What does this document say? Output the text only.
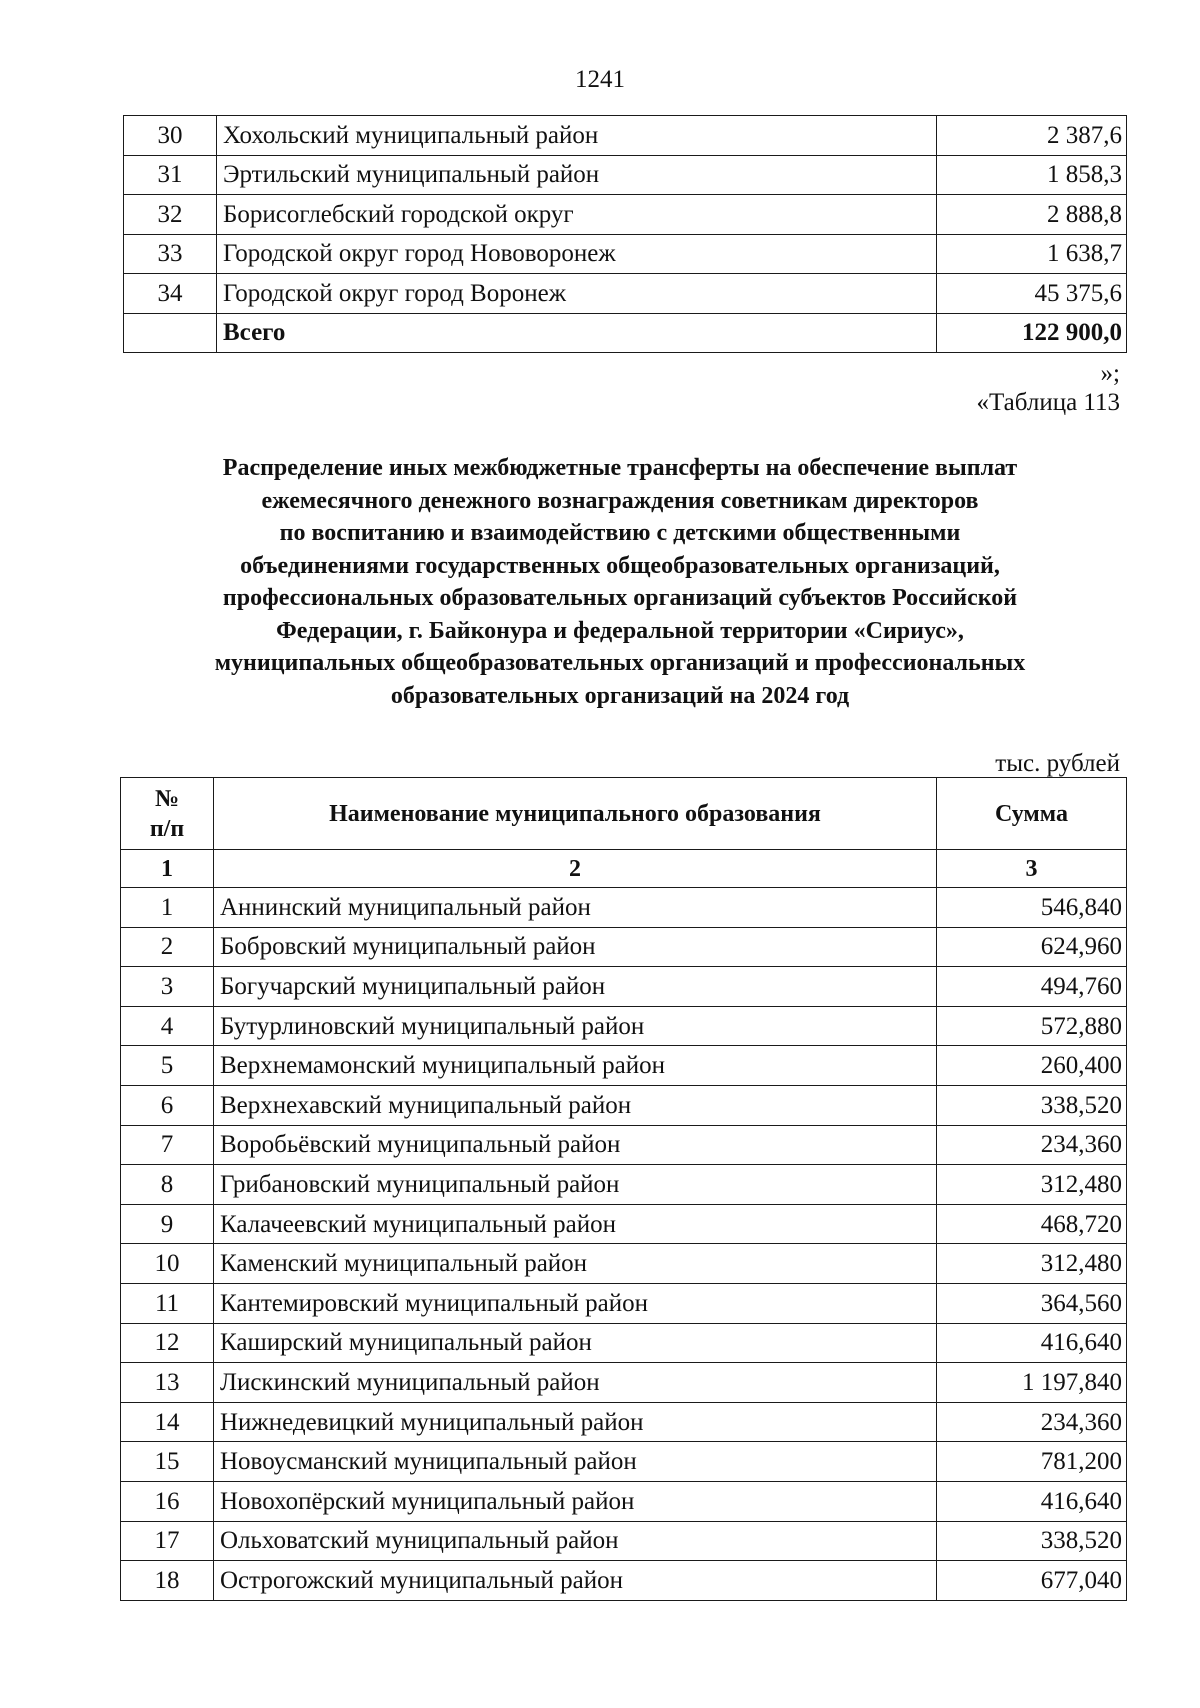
1241
30	Хохольский муниципальный район	2 387,6
31	Эртильский муниципальный район	1 858,3
32	Борисоглебский городской округ	2 888,8
33	Городской округ город Нововоронеж	1 638,7
34	Городской округ город Воронеж	45 375,6
	Всего	122 900,0
»;
«Таблица 113
Распределение иных межбюджетные трансферты на обеспечение выплат
ежемесячного денежного вознаграждения советникам директоров
по воспитанию и взаимодействию с детскими общественными
объединениями государственных общеобразовательных организаций,
профессиональных образовательных организаций субъектов Российской
Федерации, г. Байконура и федеральной территории «Сириус»,
муниципальных общеобразовательных организаций и профессиональных
образовательных организаций на 2024 год
тыс. рублей
№
п/п	Наименование муниципального образования	Сумма
1	2	3
1	Аннинский муниципальный район	546,840
2	Бобровский муниципальный район	624,960
3	Богучарский муниципальный район	494,760
4	Бутурлиновский муниципальный район	572,880
5	Верхнемамонский муниципальный район	260,400
6	Верхнехавский муниципальный район	338,520
7	Воробьёвский муниципальный район	234,360
8	Грибановский муниципальный район	312,480
9	Калачеевский муниципальный район	468,720
10	Каменский муниципальный район	312,480
11	Кантемировский муниципальный район	364,560
12	Каширский муниципальный район	416,640
13	Лискинский муниципальный район	1 197,840
14	Нижнедевицкий муниципальный район	234,360
15	Новоусманский муниципальный район	781,200
16	Новохопёрский муниципальный район	416,640
17	Ольховатский муниципальный район	338,520
18	Острогожский муниципальный район	677,040
